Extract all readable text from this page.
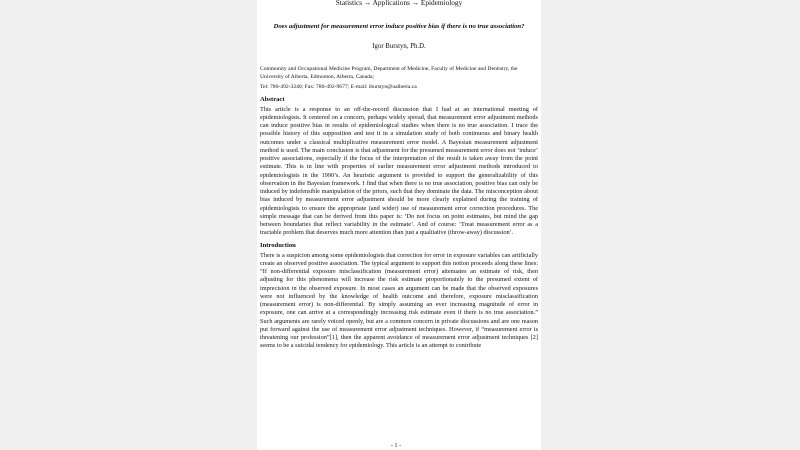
Statistics → Applications → Epidemiology
Does adjustment for measurement error induce positive bias if there is no true association?
Igor Burstyn, Ph.D.
Community and Occupational Medicine Program, Department of Medicine, Faculty of Medicine and Dentistry, the University of Alberta, Edmonton, Alberta, Canada;
Tel: 780-492-3240; Fax: 780-492-9677; E-mail: iburstyn@ualberta.ca
Abstract
This article is a response to an off-the-record discussion that I had at an international meeting of epidemiologists. It centered on a concern, perhaps widely spread, that measurement error adjustment methods can induce positive bias in results of epidemiological studies when there is no true association. I trace the possible history of this supposition and test it in a simulation study of both continuous and binary health outcomes under a classical multiplicative measurement error model. A Bayesian measurement adjustment method is used. The main conclusion is that adjustment for the presumed measurement error does not ‘induce’ positive associations, especially if the focus of the interpretation of the result is taken away from the point estimate. This is in line with properties of earlier measurement error adjustment methods introduced to epidemiologists in the 1990’s. An heuristic argument is provided to support the generalizability of this observation in the Bayesian framework. I find that when there is no true association, positive bias can only be induced by indefensible manipulation of the priors, such that they dominate the data. The misconception about bias induced by measurement error adjustment should be more clearly explained during the training of epidemiologists to ensure the appropriate (and wider) use of measurement error correction procedures. The simple message that can be derived from this paper is: ‘Do not focus on point estimates, but mind the gap between boundaries that reflect variability in the estimate’. And of course: ‘Treat measurement error as a tractable problem that deserves much more attention than just a qualitative (throw-away) discussion’.
Introduction
There is a suspicion among some epidemiologists that correction for error in exposure variables can artificially create an observed positive association. The typical argument to support this notion proceeds along these lines: “If non-differential exposure misclassification (measurement error) attenuates an estimate of risk, then adjusting for this phenomena will increase the risk estimate proportionately to the presumed extent of imprecision in the observed exposure. In most cases an argument can be made that the observed exposures were not influenced by the knowledge of health outcome and therefore, exposure misclassification (measurement error) is non-differential. By simply assuming an ever increasing magnitude of error in exposure, one can arrive at a correspondingly increasing risk estimate even if there is no true association.” Such arguments are rarely voiced openly, but are a common concern in private discussions and are one reason put forward against the use of measurement error adjustment techniques. However, if “measurement error is threatening our profession”[1], then the apparent avoidance of measurement error adjustment techniques [2] seems to be a suicidal tendency for epidemiology. This article is an attempt to contribute
- 1 -
